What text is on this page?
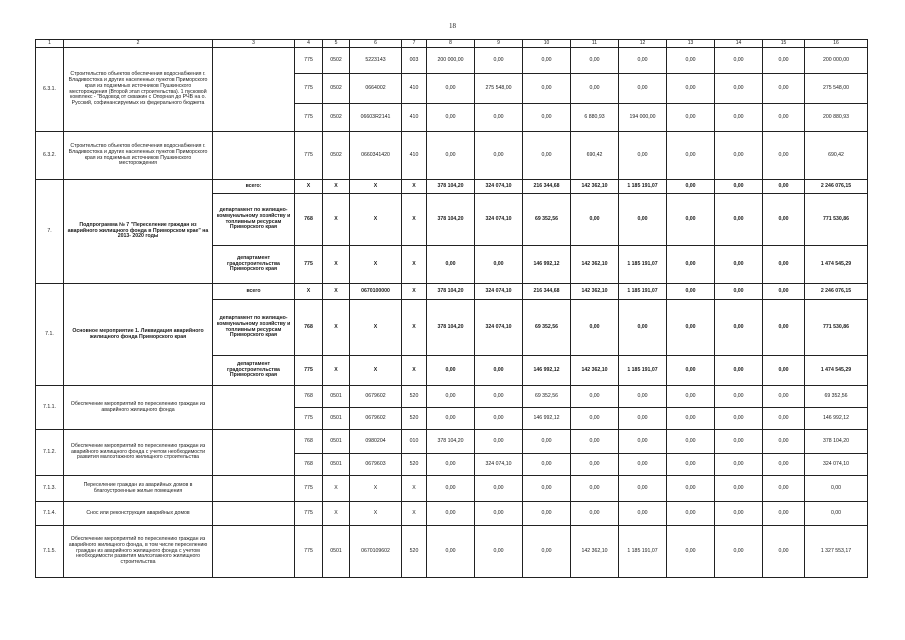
18
1	2	3	4	5	6	7	8	9	10	11	12	13	14	15	16
6.3.1.	Строительство объектов обеспечения водоснабжения г. Владивостока и других населенных пунктов Приморского края из подземных источников Пушкинского месторождения (Второй этап строительства). 1 пусковой комплекс - "Водовод от скважин с Опорная до РЧВ на о. Русский, софинансируемых из федерального бюджета		775	0502	5223143	003	200 000,00	0,00	0,00	0,00	0,00	0,00	0,00	0,00	200 000,00
			775	0502	0664002	410	0,00	275 548,00	0,00	0,00	0,00	0,00	0,00	0,00	275 548,00
			775	0502	06603R2141	410	0,00	0,00	0,00	6 880,93	194 000,00	0,00	0,00	0,00	200 880,93
6.3.2.	Строительство объектов обеспечения водоснабжения г. Владивостока и других населенных пунктов Приморского края из подземных источников Пушкинского месторождения		775	0502	0660341420	410	0,00	0,00	0,00	690,42	0,00	0,00	0,00	0,00	690,42
7.	Подпрограмма № 7 "Переселение граждан из аварийного жилищного фонда в Приморском крае" на 2013- 2020 годы	всего:	X	X	X	X	378 104,20	324 074,10	216 344,68	142 362,10	1 185 191,07	0,00	0,00	0,00	2 246 076,15
		департамент по жилищно-коммунальному хозяйству и топливным ресурсам Приморского края	768	X	X	X	378 104,20	324 074,10	69 352,56	0,00	0,00	0,00	0,00	0,00	771 530,86
		департамент градостроительства Приморского края	775	X	X	X	0,00	0,00	146 992,12	142 362,10	1 185 191,07	0,00	0,00	0,00	1 474 545,29
7.1.	Основное мероприятие 1. Ликвидация аварийного жилищного фонда Приморского края	всего	X	X	0670100000	X	378 104,20	324 074,10	216 344,68	142 362,10	1 185 191,07	0,00	0,00	0,00	2 246 076,15
		департамент по жилищно-коммунальному хозяйству и топливным ресурсам Приморского края	768	X	X	X	378 104,20	324 074,10	69 352,56	0,00	0,00	0,00	0,00	0,00	771 530,86
		департамент градостроительства Приморского края	775	X	X	X	0,00	0,00	146 992,12	142 362,10	1 185 191,07	0,00	0,00	0,00	1 474 545,29
7.1.1.	Обеспечение мероприятий по переселению граждан из аварийного жилищного фонда		768	0501	0679602	520	0,00	0,00	69 352,56	0,00	0,00	0,00	0,00	0,00	69 352,56
			775	0501	0679602	520	0,00	0,00	146 992,12	0,00	0,00	0,00	0,00	0,00	146 992,12
7.1.2.	Обеспечение мероприятий по переселению граждан из аварийного жилищного фонда с учетом необходимости развития малоэтажного жилищного строительства		768	0501	0980204	010	378 104,20	0,00	0,00	0,00	0,00	0,00	0,00	0,00	378 104,20
			768	0501	0679603	520	0,00	324 074,10	0,00	0,00	0,00	0,00	0,00	0,00	324 074,10
7.1.3.	Переселение граждан из аварийных домов в благоустроенные жилые помещения		775	X	X	X	0,00	0,00	0,00	0,00	0,00	0,00	0,00	0,00	0,00
7.1.4.	Снос или реконструкция аварийных домов		775	X	X	X	0,00	0,00	0,00	0,00	0,00	0,00	0,00	0,00	0,00
7.1.5.	Обеспечение мероприятий по переселению граждан из аварийного жилищного фонда, в том числе переселению граждан из аварийного жилищного фонда с учетом необходимости развития малоэтажного жилищного строительства		775	0501	0670109602	520	0,00	0,00	0,00	142 362,10	1 185 191,07	0,00	0,00	0,00	1 327 553,17
